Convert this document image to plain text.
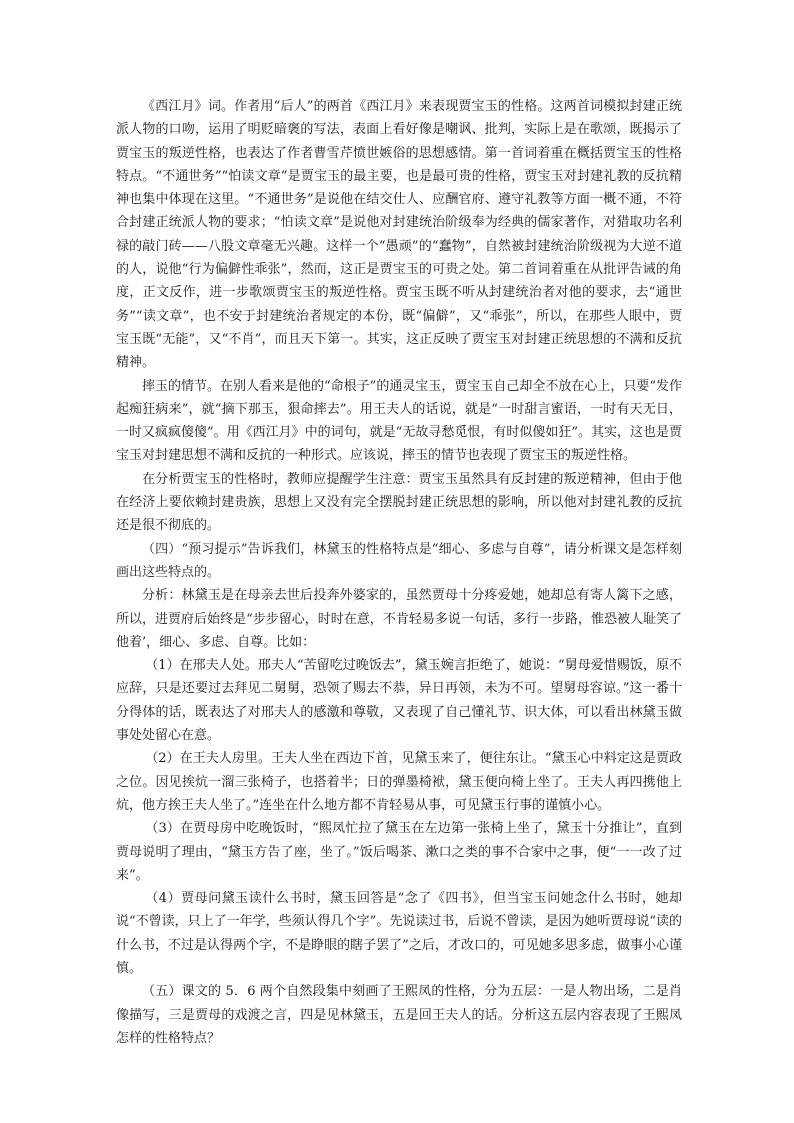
《西江月》词。作者用“后人”的两首《西江月》来表现贾宝玉的性格。这两首词模拟封建正统派人物的口吻，运用了明贬暗褒的写法，表面上看好像是嘲讽、批判，实际上是在歌颂，既揭示了贾宝玉的叛逆性格，也表达了作者曹雪芹愤世嫉俗的思想感情。第一首词着重在概括贾宝玉的性格特点。“不通世务”“怕读文章”是贾宝玉的最主要，也是最可贵的性格，贾宝玉对封建礼教的反抗精神也集中体现在这里。“不通世务”是说他在结交仕人、应酬官府、遵守礼教等方面一概不通，不符合封建正统派人物的要求；“怕读文章”是说他对封建统治阶级奉为经典的儒家著作，对猎取功名利禄的敲门砖——八股文章毫无兴趣。这样一个“愚顽”的“蠢物”，自然被封建统治阶级视为大逆不道的人，说他“行为偏僻性乖张”，然而，这正是贾宝玉的可贵之处。第二首词着重在从批评告诫的角度，正文反作，进一步歌颂贾宝玉的叛逆性格。贾宝玉既不听从封建统治者对他的要求，去“通世务”“读文章”，也不安于封建统治者规定的本份，既“偏僻”，又“乖张”，所以，在那些人眼中，贾宝玉既“无能”，又“不肖”，而且天下第一。其实，这正反映了贾宝玉对封建正统思想的不满和反抗精神。

摔玉的情节。在别人看来是他的“命根子”的通灵宝玉，贾宝玉自己却全不放在心上，只要“发作起痴狂病来”，就“摘下那玉，狠命摔去”。用王夫人的话说，就是“一时甜言蜜语，一时有天无日，一时又疯疯傻傻”。用《西江月》中的词句，就是“无故寻愁觅恨，有时似傻如狂”。其实，这也是贾宝玉对封建思想不满和反抗的一种形式。应该说，摔玉的情节也表现了贾宝玉的叛逆性格。

在分析贾宝玉的性格时，教师应提醒学生注意：贾宝玉虽然具有反封建的叛逆精神，但由于他在经济上要依赖封建贵族，思想上又没有完全摆脱封建正统思想的影响，所以他对封建礼教的反抗还是很不彻底的。

（四）“预习提示”告诉我们，林黛玉的性格特点是“细心、多虑与自尊”，请分析课文是怎样刻画出这些特点的。

分析：林黛玉是在母亲去世后投奔外婆家的，虽然贾母十分疼爱她，她却总有寄人篱下之感，所以，进贾府后始终是“步步留心，时时在意，不肯轻易多说一句话，多行一步路，惟恐被人耻笑了他着’，细心、多虑、自尊。比如：

（1）在邢夫人处。邢夫人“苦留吃过晚饭去”，黛玉婉言拒绝了，她说：“舅母爱惜赐饭，原不应辞，只是还要过去拜见二舅舅，恐领了赐去不恭，异日再领，未为不可。望舅母容谅。”这一番十分得体的话，既表达了对邢夫人的感激和尊敬，又表现了自己懂礼节、识大体，可以看出林黛玉做事处处留心在意。

（2）在王夫人房里。王夫人坐在西边下首，见黛玉来了，便往东让。“黛玉心中料定这是贾政之位。因见挨炕一溜三张椅子，也搭着半；日的弹墨椅袱，黛玉便向椅上坐了。王夫人再四携他上炕，他方挨王夫人坐了。”连坐在什么地方都不肯轻易从事，可见黛玉行事的谨慎小心。

（3）在贾母房中吃晚饭时，“熙凤忙拉了黛玉在左边第一张椅上坐了，黛玉十分推让”，直到贾母说明了理由，“黛玉方告了座，坐了。”饭后喝茶、漱口之类的事不合家中之事，便“一一改了过来”。

（4）贾母问黛玉读什么书时，黛玉回答是“念了《四书》，但当宝玉问她念什么书时，她却说“不曾读，只上了一年学，些须认得几个字”。先说读过书，后说不曾读，是因为她听贾母说“读的什么书，不过是认得两个字，不是睁眼的瞎子罢了”之后，才改口的，可见她多思多虑，做事小心谨慎。

（五）课文的 5．6 两个自然段集中刻画了王熙凤的性格，分为五层：一是人物出场，二是肖像描写，三是贾母的戏渡之言，四是见林黛玉，五是回王夫人的话。分析这五层内容表现了王熙凤怎样的性格特点？
